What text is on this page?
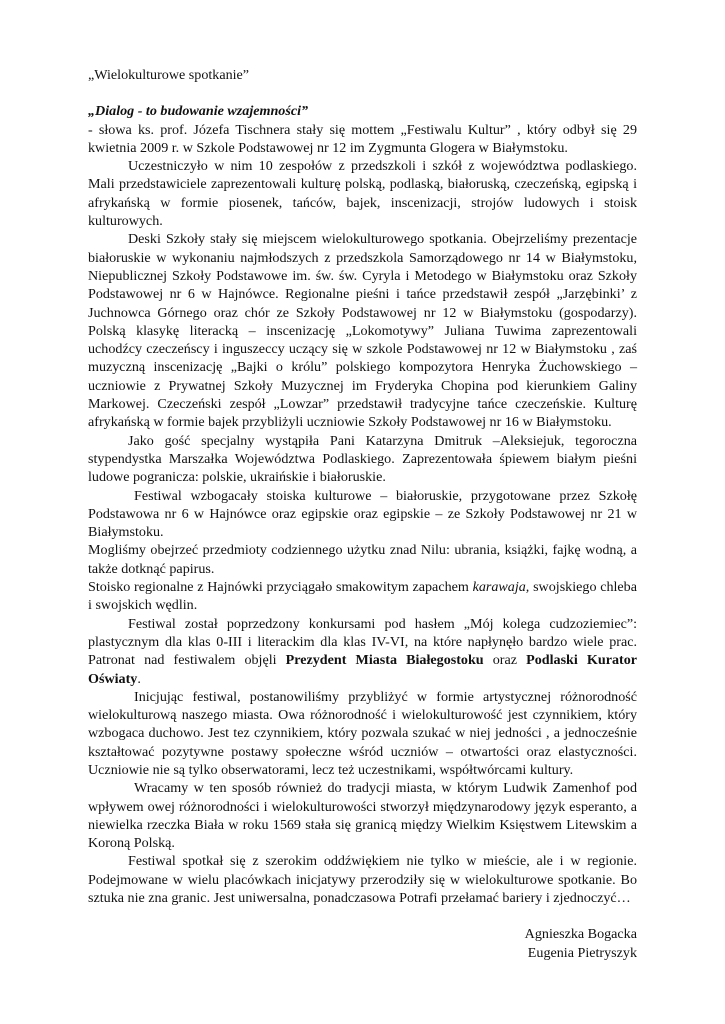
„Wielokulturowe spotkanie”

„Dialog - to budowanie wzajemności”

- słowa ks. prof. Józefa Tischnera stały się mottem „Festiwalu Kultur” , który odbył się 29 kwietnia 2009 r. w Szkole Podstawowej nr 12 im Zygmunta Glogera w Białymstoku.

Uczestniczyło w nim 10 zespołów z przedszkoli i szkół z województwa podlaskiego. Mali przedstawiciele zaprezentowali kulturę polską, podlaską, białoruską, czeczeńską, egipską i afrykańską w formie piosenek, tańców, bajek, inscenizacji, strojów ludowych i stoisk kulturowych.

Deski Szkoły stały się miejscem wielokulturowego spotkania. Obejrzeliśmy prezentacje białoruskie w wykonaniu najmłodszych z przedszkola Samorządowego nr 14 w Białymstoku, Niepublicznej Szkoły Podstawowe im. św. św. Cyryla i Metodego w Białymstoku oraz Szkoły Podstawowej nr 6 w Hajnówce. Regionalne pieśni i tańce przedstawił zespół „Jarzębinki’ z Juchnowca Górnego oraz chór ze Szkoły Podstawowej nr 12 w Białymstoku (gospodarzy). Polską klasykę literacką – inscenizację „Lokomotywy” Juliana Tuwima zaprezentowali uchodźcy czeczeńscy i inguszeccy uczący się w szkole Podstawowej nr 12 w Białymstoku , zaś muzyczną inscenizację „Bajki o królu” polskiego kompozytora Henryka Żuchowskiego – uczniowie z Prywatnej Szkoły Muzycznej im Fryderyka Chopina pod kierunkiem Galiny Markowej. Czeczeński zespół „Lowzar” przedstawił tradycyjne tańce czeczeńskie. Kulturę afrykańską w formie bajek przybliżyli uczniowie Szkoły Podstawowej nr 16 w Białymstoku.

Jako gość specjalny wystąpiła Pani Katarzyna Dmitruk –Aleksiejuk, tegoroczna stypendystka Marszałka Województwa Podlaskiego. Zaprezentowała śpiewem białym pieśni ludowe pogranicza: polskie, ukraińskie i białoruskie.

Festiwal wzbogacały stoiska kulturowe – białoruskie, przygotowane przez Szkołę Podstawowa nr 6 w Hajnówce oraz egipskie oraz egipskie – ze Szkoły Podstawowej nr 21 w Białymstoku.

Mogliśmy obejrzeć przedmioty codziennego użytku znad Nilu: ubrania, książki, fajkę wodną, a także dotknąć papirus.

Stoisko regionalne z Hajnówki przyciągało smakowitym zapachem karawaja, swojskiego chleba i swojskich wędlin.

Festiwal został poprzedzony konkursami pod hasłem „Mój kolega cudzoziemiec”: plastycznym dla klas 0-III i literackim dla klas IV-VI, na które napłynęło bardzo wiele prac. Patronat nad festiwalem objęli Prezydent Miasta Białegostoku oraz Podlaski Kurator Oświaty.

Inicjując festiwal, postanowiliśmy przybliżyć w formie artystycznej różnorodność wielokulturową naszego miasta. Owa różnorodność i wielokulturowość jest czynnikiem, który wzbogaca duchowo. Jest tez czynnikiem, który pozwala szukać w niej jedności , a jednocześnie kształtować pozytywne postawy społeczne wśród uczniów – otwartości oraz elastyczności. Uczniowie nie są tylko obserwatorami, lecz też uczestnikami, współtwórcami kultury.

Wracamy w ten sposób również do tradycji miasta, w którym Ludwik Zamenhof pod wpływem owej różnorodności i wielokulturowości stworzył międzynarodowy język esperanto, a niewielka rzeczka Biała w roku 1569 stała się granicą między Wielkim Księstwem Litewskim a Koroną Polską.

Festiwal spotkał się z szerokim oddźwiękiem nie tylko w mieście, ale i w regionie. Podejmowane w wielu placówkach inicjatywy przerodziły się w wielokulturowe spotkanie. Bo sztuka nie zna granic. Jest uniwersalna, ponadczasowa Potrafi przełamać bariery i zjednoczyć…

Agnieszka Bogacka
Eugenia Pietryszyk
